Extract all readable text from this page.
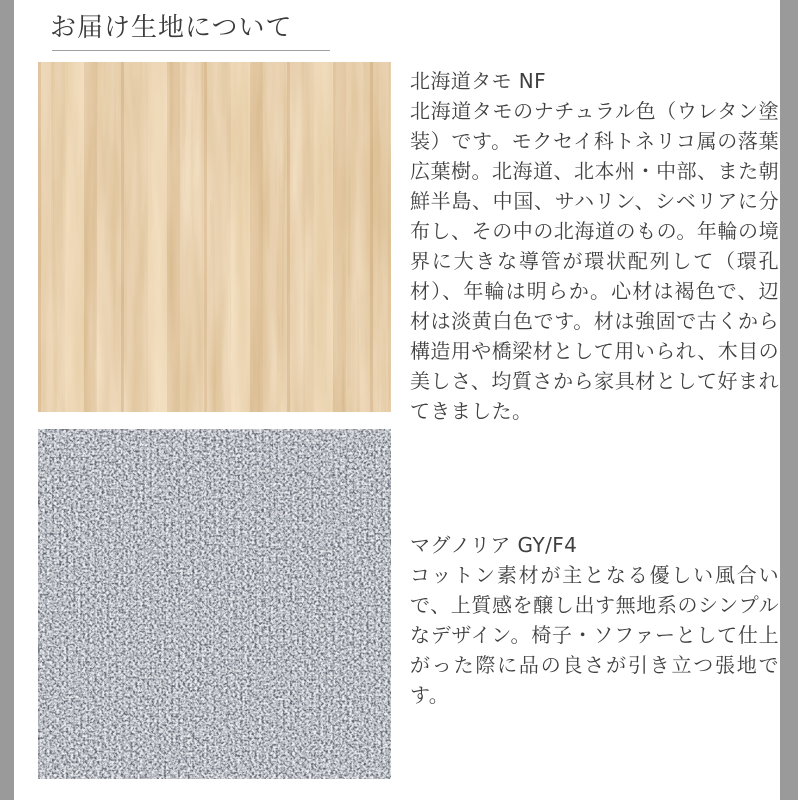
お届け生地について
北海道タモ NF
北海道タモのナチュラル色（ウレタン塗装）です。モクセイ科トネリコ属の落葉広葉樹。北海道、北本州・中部、また朝鮮半島、中国、サハリン、シベリアに分布し、その中の北海道のもの。年輪の境界に大きな導管が環状配列して（環孔材）、年輪は明らか。心材は褐色で、辺材は淡黄白色です。材は強固で古くから構造用や橋梁材として用いられ、木目の美しさ、均質さから家具材として好まれてきました。
マグノリア GY/F4
コットン素材が主となる優しい風合いで、上質感を醸し出す無地系のシンプルなデザイン。椅子・ソファーとして仕上がった際に品の良さが引き立つ張地です。
